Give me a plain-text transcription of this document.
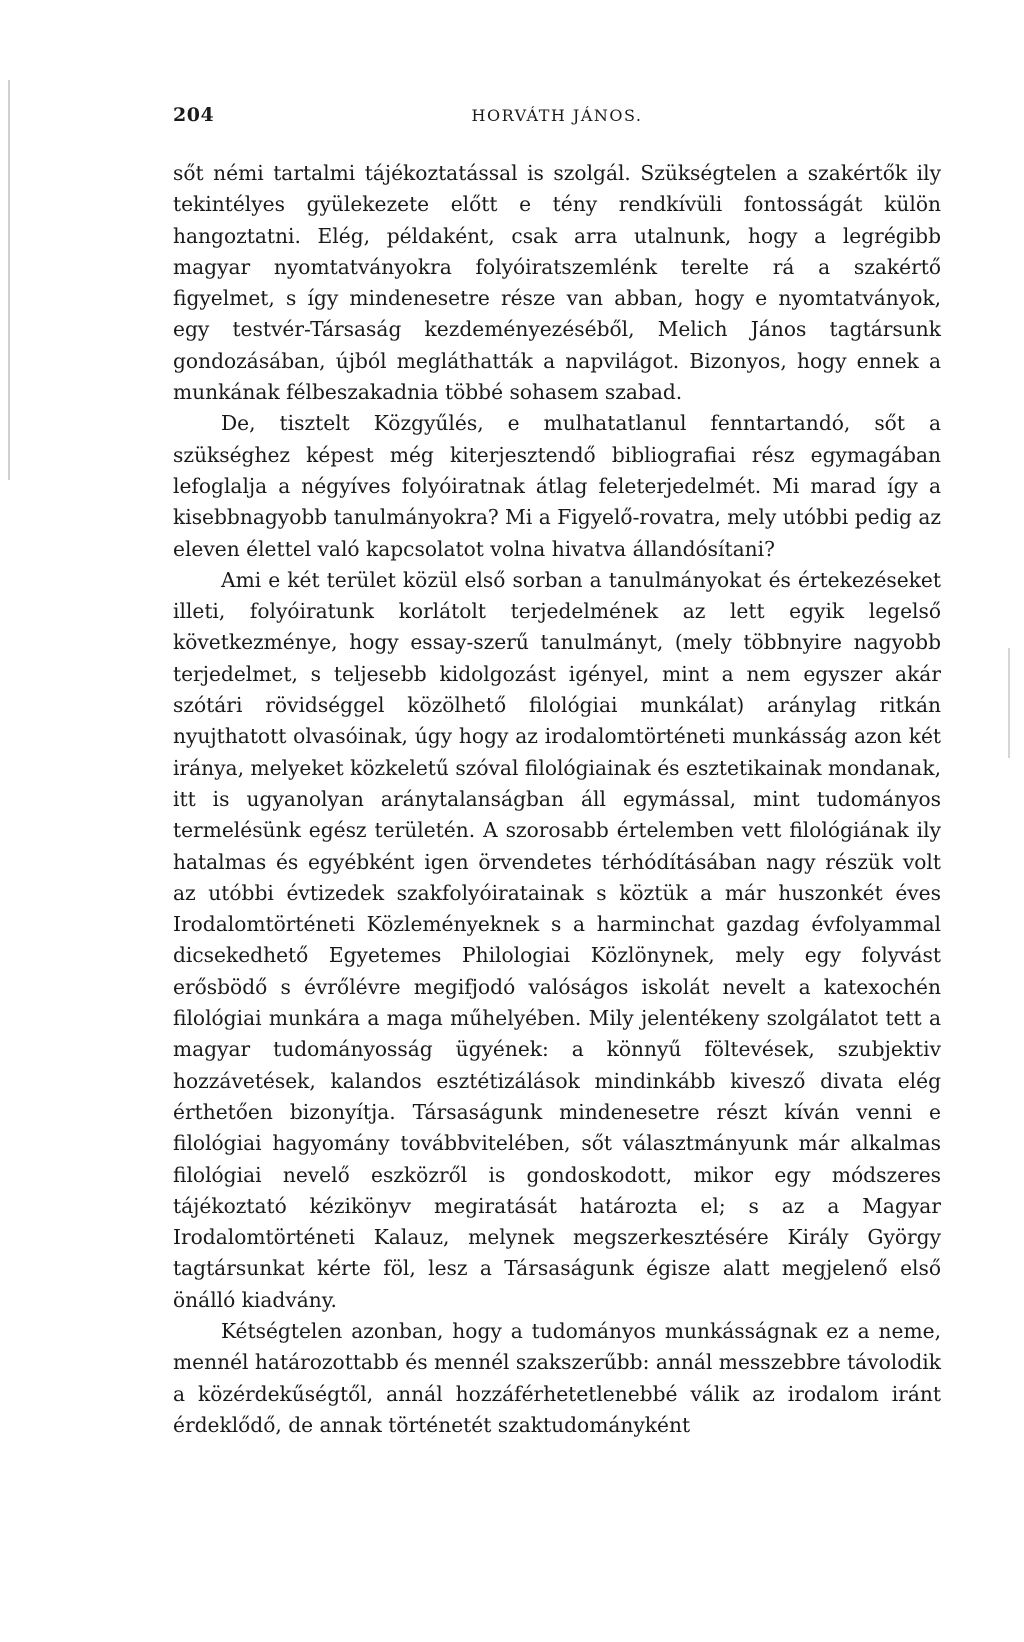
204	HORVÁTH JÁNOS.

sőt némi tartalmi tájékoztatással is szolgál. Szükségtelen a szakértők ily tekintélyes gyülekezete előtt e tény rendkívüli fontosságát külön hangoztatni. Elég, példaként, csak arra utalnunk, hogy a legrégibb magyar nyomtatványokra folyóiratszemlénk terelte rá a szakértő figyelmet, s így mindenesetre része van abban, hogy e nyomtatványok, egy testvér-Társaság kezdeményezéséből, Melich János tagtársunk gondozásában, újból megláthatták a napvilágot. Bizonyos, hogy ennek a munkának félbeszakadnia többé sohasem szabad.

De, tisztelt Közgyűlés, e mulhatatlanul fenntartandó, sőt a szükséghez képest még kiterjesztendő bibliografiai rész egymagában lefoglalja a négyíves folyóiratnak átlag feleterjedelmét. Mi marad így a kisebbnagyobb tanulmányokra? Mi a Figyelő-rovatra, mely utóbbi pedig az eleven élettel való kapcsolatot volna hivatva állandósítani?

Ami e két terület közül első sorban a tanulmányokat és értekezéseket illeti, folyóiratunk korlátolt terjedelmének az lett egyik legelső következménye, hogy essay-szerű tanulmányt, (mely többnyire nagyobb terjedelmet, s teljesebb kidolgozást igényel, mint a nem egyszer akár szótári rövidséggel közölhető filológiai munkálat) aránylag ritkán nyujthatott olvasóinak, úgy hogy az irodalomtörténeti munkásság azon két iránya, melyeket közkeletű szóval filológiainak és esztetikainak mondanak, itt is ugyanolyan aránytalanságban áll egymással, mint tudományos termelésünk egész területén. A szorosabb értelemben vett filológiának ily hatalmas és egyébként igen örvendetes térhódításában nagy részük volt az utóbbi évtizedek szakfolyóiratainak s köztük a már huszonkét éves Irodalomtörténeti Közleményeknek s a harminchat gazdag évfolyammal dicsekedhető Egyetemes Philologiai Közlönynek, mely egy folyvást erősbödő s évrőlévre megifjodó valóságos iskolát nevelt a katexochén filológiai munkára a maga műhelyében. Mily jelentékeny szolgálatot tett a magyar tudományosság ügyének: a könnyű föltevések, szubjektiv hozzávetések, kalandos esztétizálások mindinkább kivesző divata elég érthetően bizonyítja. Társaságunk mindenesetre részt kíván venni e filológiai hagyomány továbbvitelében, sőt választmányunk már alkalmas filológiai nevelő eszközről is gondoskodott, mikor egy módszeres tájékoztató kézikönyv megiratását határozta el; s az a Magyar Irodalomtörténeti Kalauz, melynek megszerkesztésére Király György tagtársunkat kérte föl, lesz a Társaságunk égisze alatt megjelenő első önálló kiadvány.

Kétségtelen azonban, hogy a tudományos munkásságnak ez a neme, mennél határozottabb és mennél szakszerűbb: annál messzebbre távolodik a közérdekűségtől, annál hozzáférhetetlenebbé válik az irodalom iránt érdeklődő, de annak történetét szaktudományként
